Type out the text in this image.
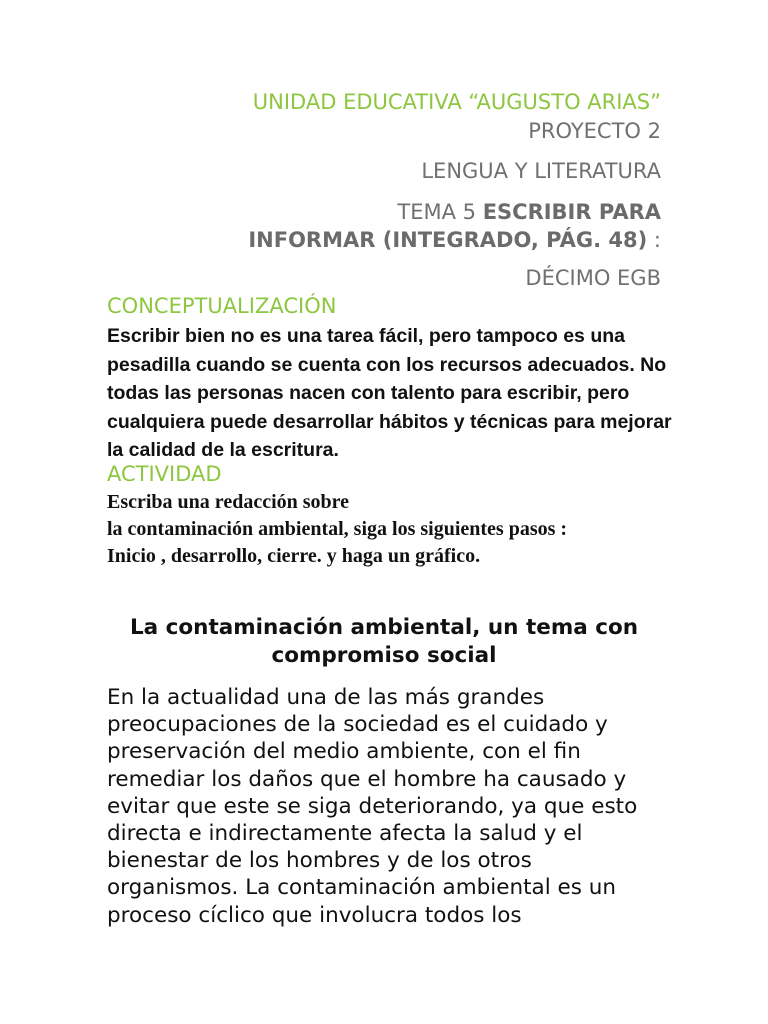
UNIDAD EDUCATIVA “AUGUSTO ARIAS”

PROYECTO 2

LENGUA Y LITERATURA

TEMA 5 ESCRIBIR PARA

INFORMAR (INTEGRADO, PÁG. 48) :

DÉCIMO EGB

CONCEPTUALIZACIÓN

Escribir bien no es una tarea fácil, pero tampoco es una pesadilla cuando se cuenta con los recursos adecuados. No todas las personas nacen con talento para escribir, pero cualquiera puede desarrollar hábitos y técnicas para mejorar la calidad de la escritura.

ACTIVIDAD

Escriba una redacción sobre

la contaminación ambiental, siga los siguientes pasos :

Inicio , desarrollo, cierre. y haga un gráfico.

La contaminación ambiental, un tema con compromiso social

En la actualidad una de las más grandes preocupaciones de la sociedad es el cuidado y preservación del medio ambiente, con el fin remediar los daños que el hombre ha causado y evitar que este se siga deteriorando, ya que esto directa e indirectamente afecta la salud y el bienestar de los hombres y de los otros organismos. La contaminación ambiental es un proceso cíclico que involucra todos los
